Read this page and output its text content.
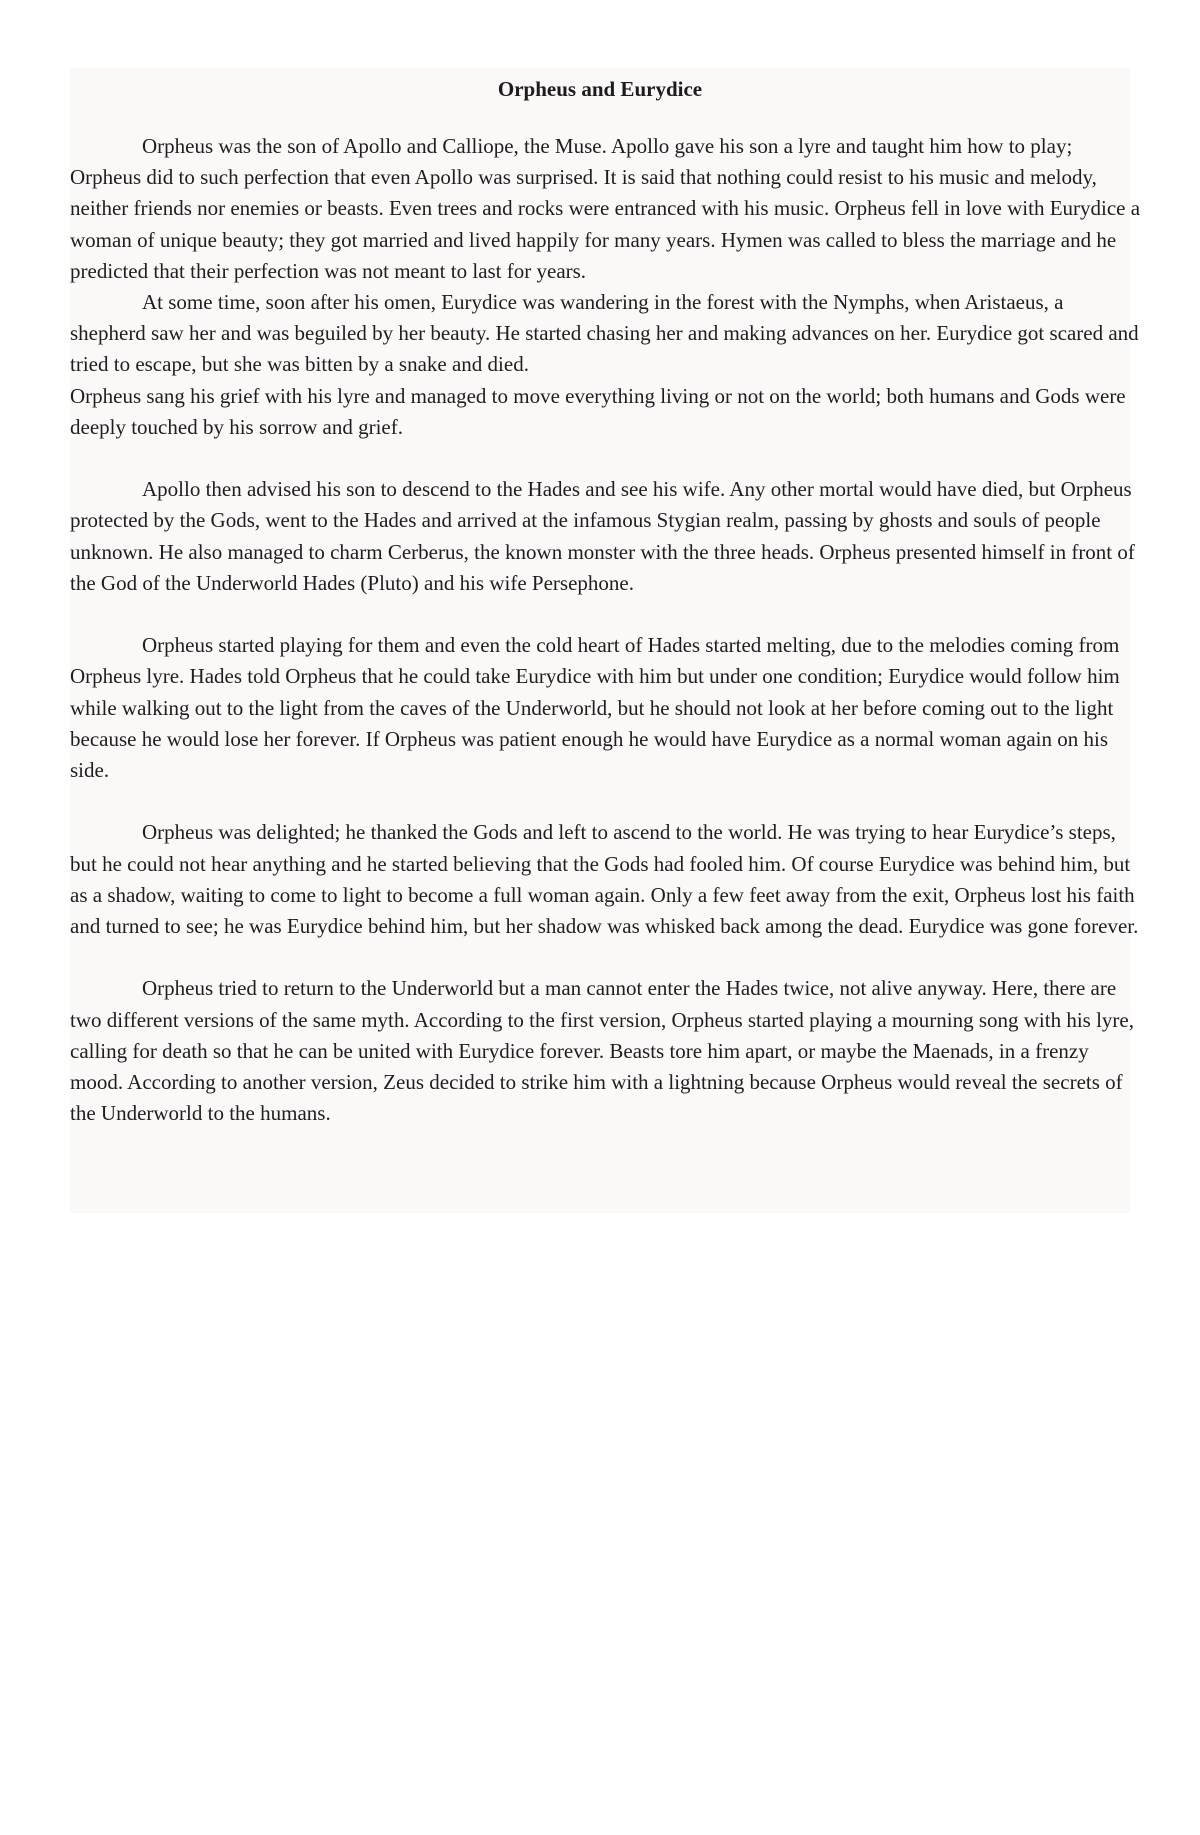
Orpheus and Eurydice

Orpheus was the son of Apollo and Calliope, the Muse. Apollo gave his son a lyre and taught him how to play; Orpheus did to such perfection that even Apollo was surprised. It is said that nothing could resist to his music and melody, neither friends nor enemies or beasts. Even trees and rocks were entranced with his music. Orpheus fell in love with Eurydice a woman of unique beauty; they got married and lived happily for many years. Hymen was called to bless the marriage and he predicted that their perfection was not meant to last for years.

At some time, soon after his omen, Eurydice was wandering in the forest with the Nymphs, when Aristaeus, a shepherd saw her and was beguiled by her beauty. He started chasing her and making advances on her. Eurydice got scared and tried to escape, but she was bitten by a snake and died.

Orpheus sang his grief with his lyre and managed to move everything living or not on the world; both humans and Gods were deeply touched by his sorrow and grief.

Apollo then advised his son to descend to the Hades and see his wife. Any other mortal would have died, but Orpheus protected by the Gods, went to the Hades and arrived at the infamous Stygian realm, passing by ghosts and souls of people unknown. He also managed to charm Cerberus, the known monster with the three heads. Orpheus presented himself in front of the God of the Underworld Hades (Pluto) and his wife Persephone.

Orpheus started playing for them and even the cold heart of Hades started melting, due to the melodies coming from Orpheus lyre. Hades told Orpheus that he could take Eurydice with him but under one condition; Eurydice would follow him while walking out to the light from the caves of the Underworld, but he should not look at her before coming out to the light because he would lose her forever. If Orpheus was patient enough he would have Eurydice as a normal woman again on his side.

Orpheus was delighted; he thanked the Gods and left to ascend to the world. He was trying to hear Eurydice’s steps, but he could not hear anything and he started believing that the Gods had fooled him. Of course Eurydice was behind him, but as a shadow, waiting to come to light to become a full woman again. Only a few feet away from the exit, Orpheus lost his faith and turned to see; he was Eurydice behind him, but her shadow was whisked back among the dead. Eurydice was gone forever.

Orpheus tried to return to the Underworld but a man cannot enter the Hades twice, not alive anyway. Here, there are two different versions of the same myth. According to the first version, Orpheus started playing a mourning song with his lyre, calling for death so that he can be united with Eurydice forever. Beasts tore him apart, or maybe the Maenads, in a frenzy mood. According to another version, Zeus decided to strike him with a lightning because Orpheus would reveal the secrets of the Underworld to the humans.
